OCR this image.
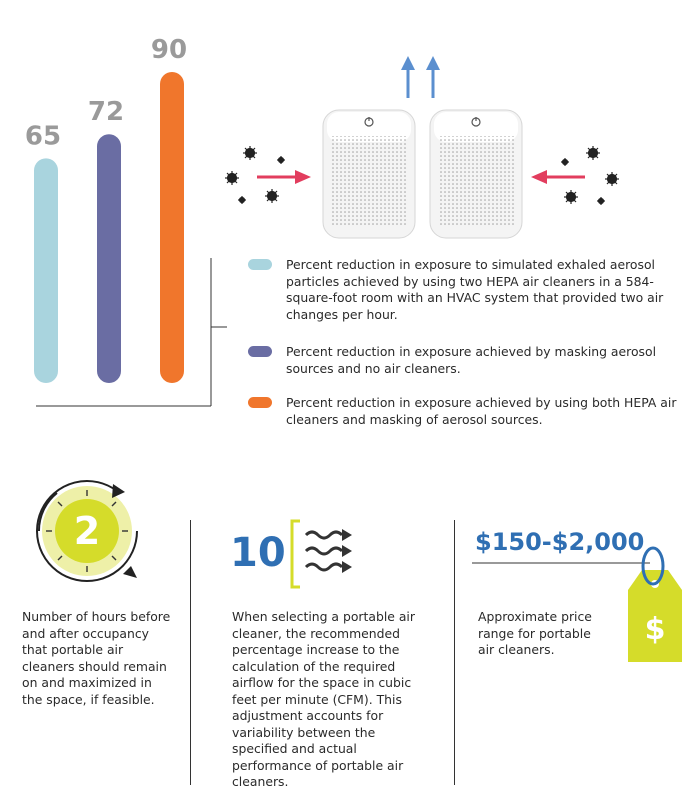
65
72
90
Percent reduction in exposure to simulated exhaled aerosol particles achieved by using two HEPA air cleaners in a 584-square-foot room with an HVAC system that provided two air changes per hour.
Percent reduction in exposure achieved by masking aerosol sources and no air cleaners.
Percent reduction in exposure achieved by using both HEPA air cleaners and masking of aerosol sources.
2
Number of hours before and after occupancy that portable air cleaners should remain on and maximized in the space, if feasible.
10
When selecting a portable air cleaner, the recommended percentage increase to the calculation of the required airflow for the space in cubic feet per minute (CFM). This adjustment accounts for variability between the specified and actual performance of portable air cleaners.
$150-$2,000
$
Approximate price range for portable air cleaners.
